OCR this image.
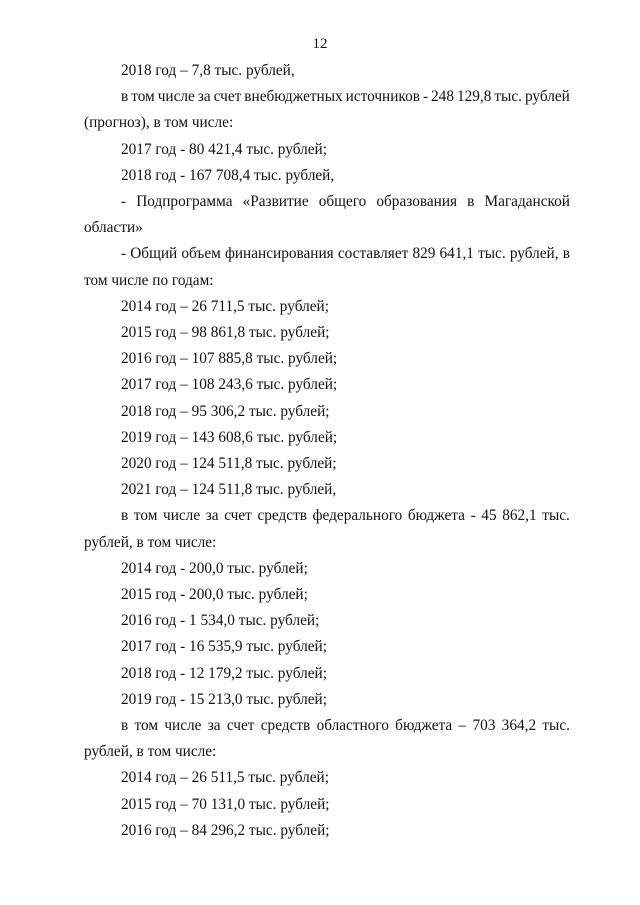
12
2018 год – 7,8 тыс. рублей,
в том числе за счет внебюджетных источников - 248 129,8 тыс. рублей
(прогноз), в том числе:
2017 год - 80 421,4 тыс. рублей;
2018 год - 167 708,4 тыс. рублей,
- Подпрограмма «Развитие общего образования в Магаданской
области»
- Общий объем финансирования составляет 829 641,1 тыс. рублей, в
том числе по годам:
2014 год – 26 711,5 тыс. рублей;
2015 год – 98 861,8 тыс. рублей;
2016 год – 107 885,8 тыс. рублей;
2017 год – 108 243,6 тыс. рублей;
2018 год – 95 306,2 тыс. рублей;
2019 год – 143 608,6 тыс. рублей;
2020 год – 124 511,8 тыс. рублей;
2021 год – 124 511,8 тыс. рублей,
в том числе за счет средств федерального бюджета - 45 862,1 тыс.
рублей, в том числе:
2014 год - 200,0 тыс. рублей;
2015 год - 200,0 тыс. рублей;
2016 год - 1 534,0 тыс. рублей;
2017 год - 16 535,9 тыс. рублей;
2018 год - 12 179,2 тыс. рублей;
2019 год - 15 213,0 тыс. рублей;
в том числе за счет средств областного бюджета – 703 364,2 тыс.
рублей, в том числе:
2014 год – 26 511,5 тыс. рублей;
2015 год – 70 131,0 тыс. рублей;
2016 год – 84 296,2 тыс. рублей;
